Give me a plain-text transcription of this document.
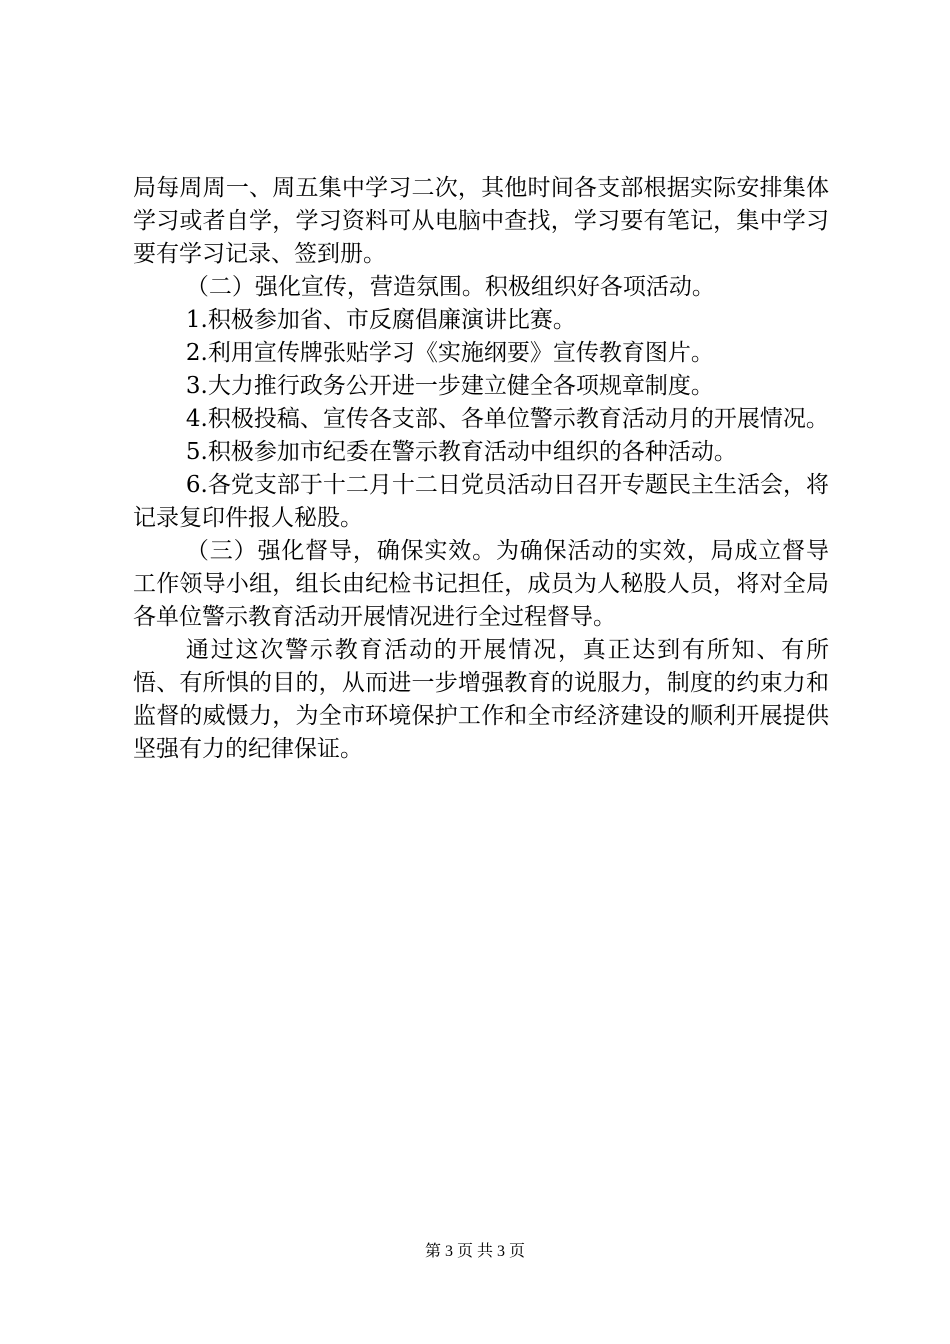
局每周周一、周五集中学习二次，其他时间各支部根据实际安排集体学习或者自学，学习资料可从电脑中查找，学习要有笔记，集中学习要有学习记录、签到册。

（二）强化宣传，营造氛围。积极组织好各项活动。

1.积极参加省、市反腐倡廉演讲比赛。

2.利用宣传牌张贴学习《实施纲要》宣传教育图片。

3.大力推行政务公开进一步建立健全各项规章制度。

4.积极投稿、宣传各支部、各单位警示教育活动月的开展情况。

5.积极参加市纪委在警示教育活动中组织的各种活动。

6.各党支部于十二月十二日党员活动日召开专题民主生活会，将记录复印件报人秘股。

（三）强化督导，确保实效。为确保活动的实效，局成立督导工作领导小组，组长由纪检书记担任，成员为人秘股人员，将对全局各单位警示教育活动开展情况进行全过程督导。

通过这次警示教育活动的开展情况，真正达到有所知、有所悟、有所惧的目的，从而进一步增强教育的说服力，制度的约束力和监督的威慑力，为全市环境保护工作和全市经济建设的顺利开展提供坚强有力的纪律保证。

第 3 页 共 3 页
